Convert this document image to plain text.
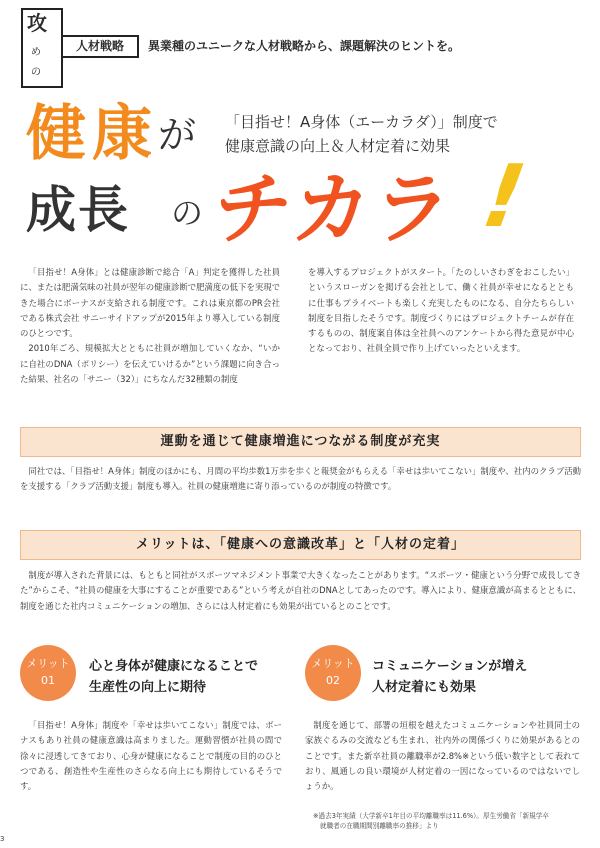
攻
め
の
人材戦略	異業種のユニークな人材戦略から、課題解決のヒントを。
健康 が 「目指せ！A身体（エーカラダ）」制度で
健康意識の向上＆人材定着に効果
成長 の チカラ !

「目指せ！A身体」とは健康診断で総合「A」判定を獲得した社員に、または肥満気味の社員が翌年の健康診断で肥満度の低下を実現できた場合にボーナスが支給される制度です。これは東京都のPR会社である株式会社 サニーサイドアップが2015年より導入している制度のひとつです。

2010年ごろ、規模拡大とともに社員が増加していくなか、“いかに自社のDNA（ポリシー）を伝えていけるか”という課題に向き合った結果、社名の「サニー（32）」にちなんだ32種類の制度

を導入するプロジェクトがスタート。「たのしいさわぎをおこしたい」というスローガンを掲げる会社として、働く社員が幸せになるとともに仕事もプライベートも楽しく充実したものになる、自分たちらしい制度を目指したそうです。制度づくりにはプロジェクトチームが存在するものの、制度案自体は全社員へのアンケートから得た意見が中心となっており、社員全員で作り上げていったといえます。

運動を通じて健康増進につながる制度が充実

同社では、「目指せ！A身体」制度のほかにも、月間の平均歩数1万歩を歩くと報奨金がもらえる「幸せは歩いてこない」制度や、社内のクラブ活動を支援する「クラブ活動支援」制度も導入。社員の健康増進に寄り添っているのが制度の特徴です。

メリットは、「健康への意識改革」と「人材の定着」

制度が導入された背景には、もともと同社がスポーツマネジメント事業で大きくなったことがあります。“スポーツ・健康という分野で成長してきた”からこそ、“社員の健康を大事にすることが重要である”という考えが自社のDNAとしてあったのです。導入により、健康意識が高まるとともに、制度を通じた社内コミュニケーションの増加、さらには人材定着にも効果が出ているとのことです。

メリット
01
心と身体が健康になることで
生産性の向上に期待

「目指せ！A身体」制度や「幸せは歩いてこない」制度では、ボーナスもあり社員の健康意識は高まりました。運動習慣が社員の間で徐々に浸透してきており、心身が健康になることで制度の目的のひとつである、創造性や生産性のさらなる向上にも期待しているそうです。

メリット
02
コミュニケーションが増え
人材定着にも効果

制度を通じて、部署の垣根を越えたコミュニケーションや社員同士の家族ぐるみの交流なども生まれ、社内外の関係づくりに効果があるとのことです。また新卒社員の離職率が2.8%※という低い数字として表れており、風通しの良い環境が人材定着の一因になっているのではないでしょうか。

※過去3年実績（大学新卒1年目の平均離職率は11.6%）。厚生労働省「新規学卒
就職者の在職期間別離職率の推移」より
3
